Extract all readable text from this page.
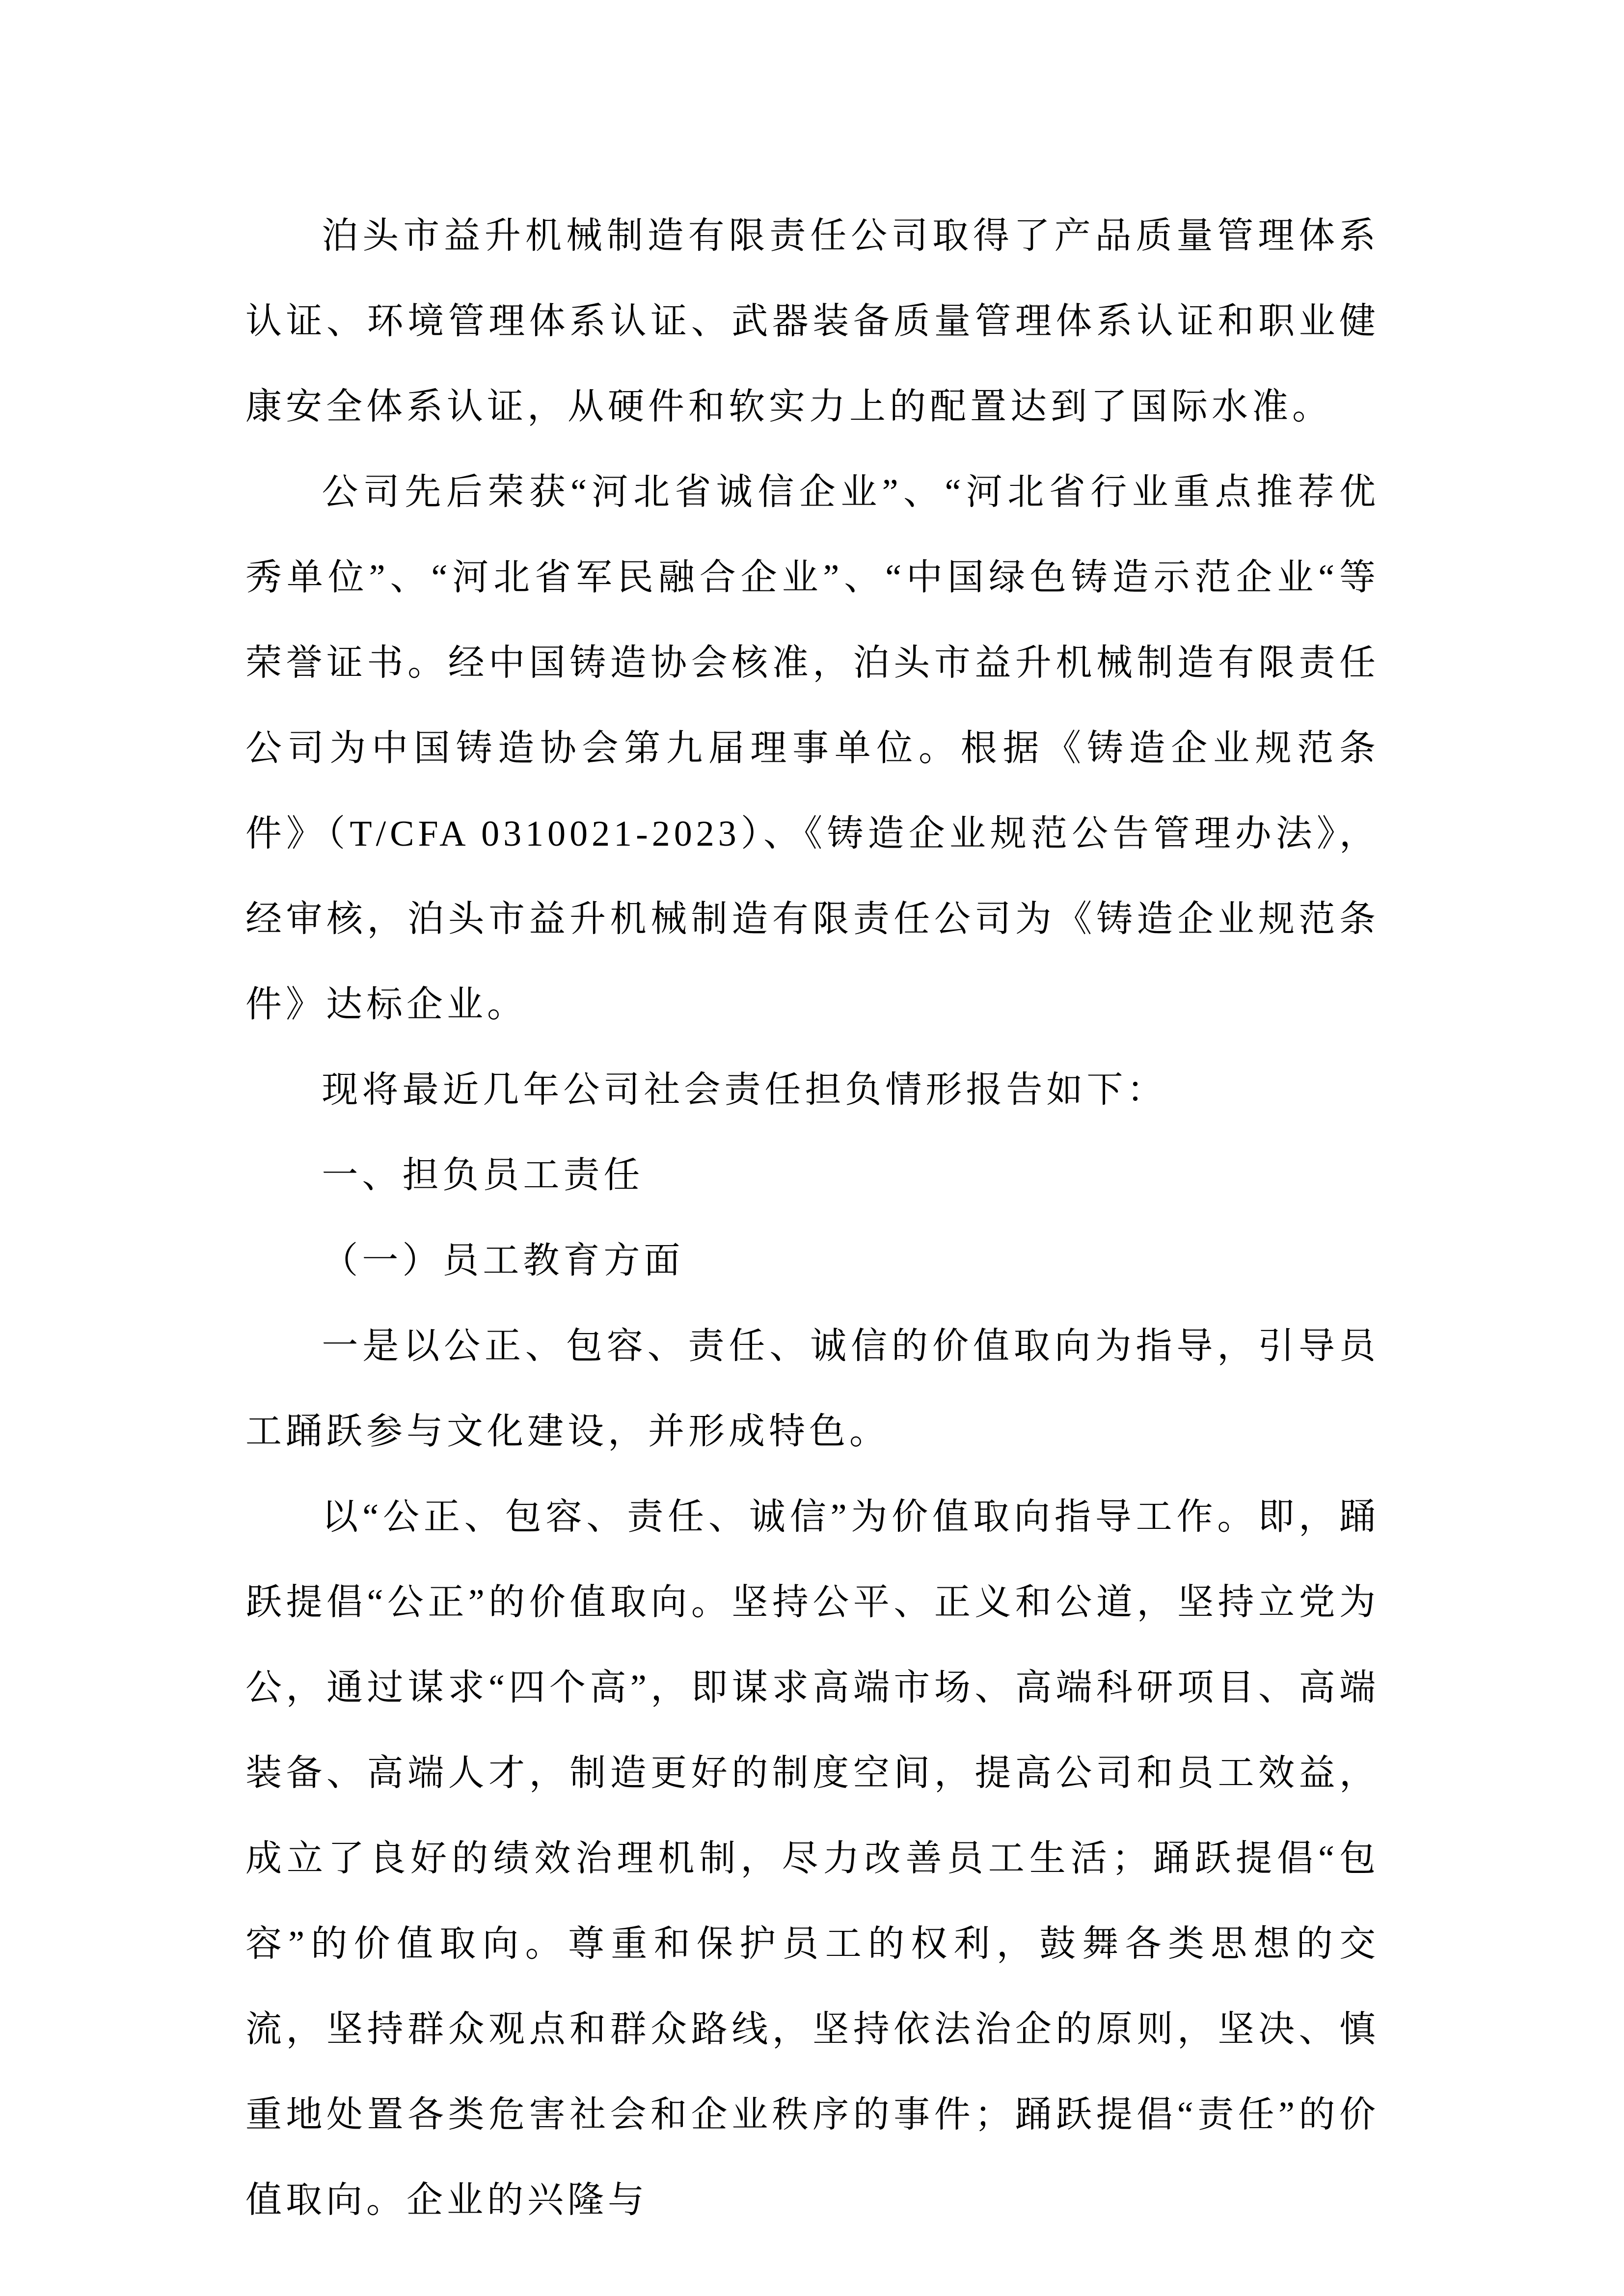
泊头市益升机械制造有限责任公司取得了产品质量管理体系认证、环境管理体系认证、武器装备质量管理体系认证和职业健康安全体系认证，从硬件和软实力上的配置达到了国际水准。

公司先后荣获“河北省诚信企业”、“河北省行业重点推荐优秀单位”、“河北省军民融合企业”、“中国绿色铸造示范企业“等荣誉证书。经中国铸造协会核准，泊头市益升机械制造有限责任公司为中国铸造协会第九届理事单位。根据《铸造企业规范条件》（T/CFA 0310021-2023）、《铸造企业规范公告管理办法》，经审核，泊头市益升机械制造有限责任公司为《铸造企业规范条件》达标企业。

现将最近几年公司社会责任担负情形报告如下：

一、担负员工责任

（一）员工教育方面

一是以公正、包容、责任、诚信的价值取向为指导，引导员工踊跃参与文化建设，并形成特色。

以“公正、包容、责任、诚信”为价值取向指导工作。即，踊跃提倡“公正”的价值取向。坚持公平、正义和公道，坚持立党为公，通过谋求“四个高”，即谋求高端市场、高端科研项目、高端装备、高端人才，制造更好的制度空间，提高公司和员工效益，成立了良好的绩效治理机制，尽力改善员工生活；踊跃提倡“包容”的价值取向。尊重和保护员工的权利，鼓舞各类思想的交流，坚持群众观点和群众路线，坚持依法治企的原则，坚决、慎重地处置各类危害社会和企业秩序的事件；踊跃提倡“责任”的价值取向。企业的兴隆与
